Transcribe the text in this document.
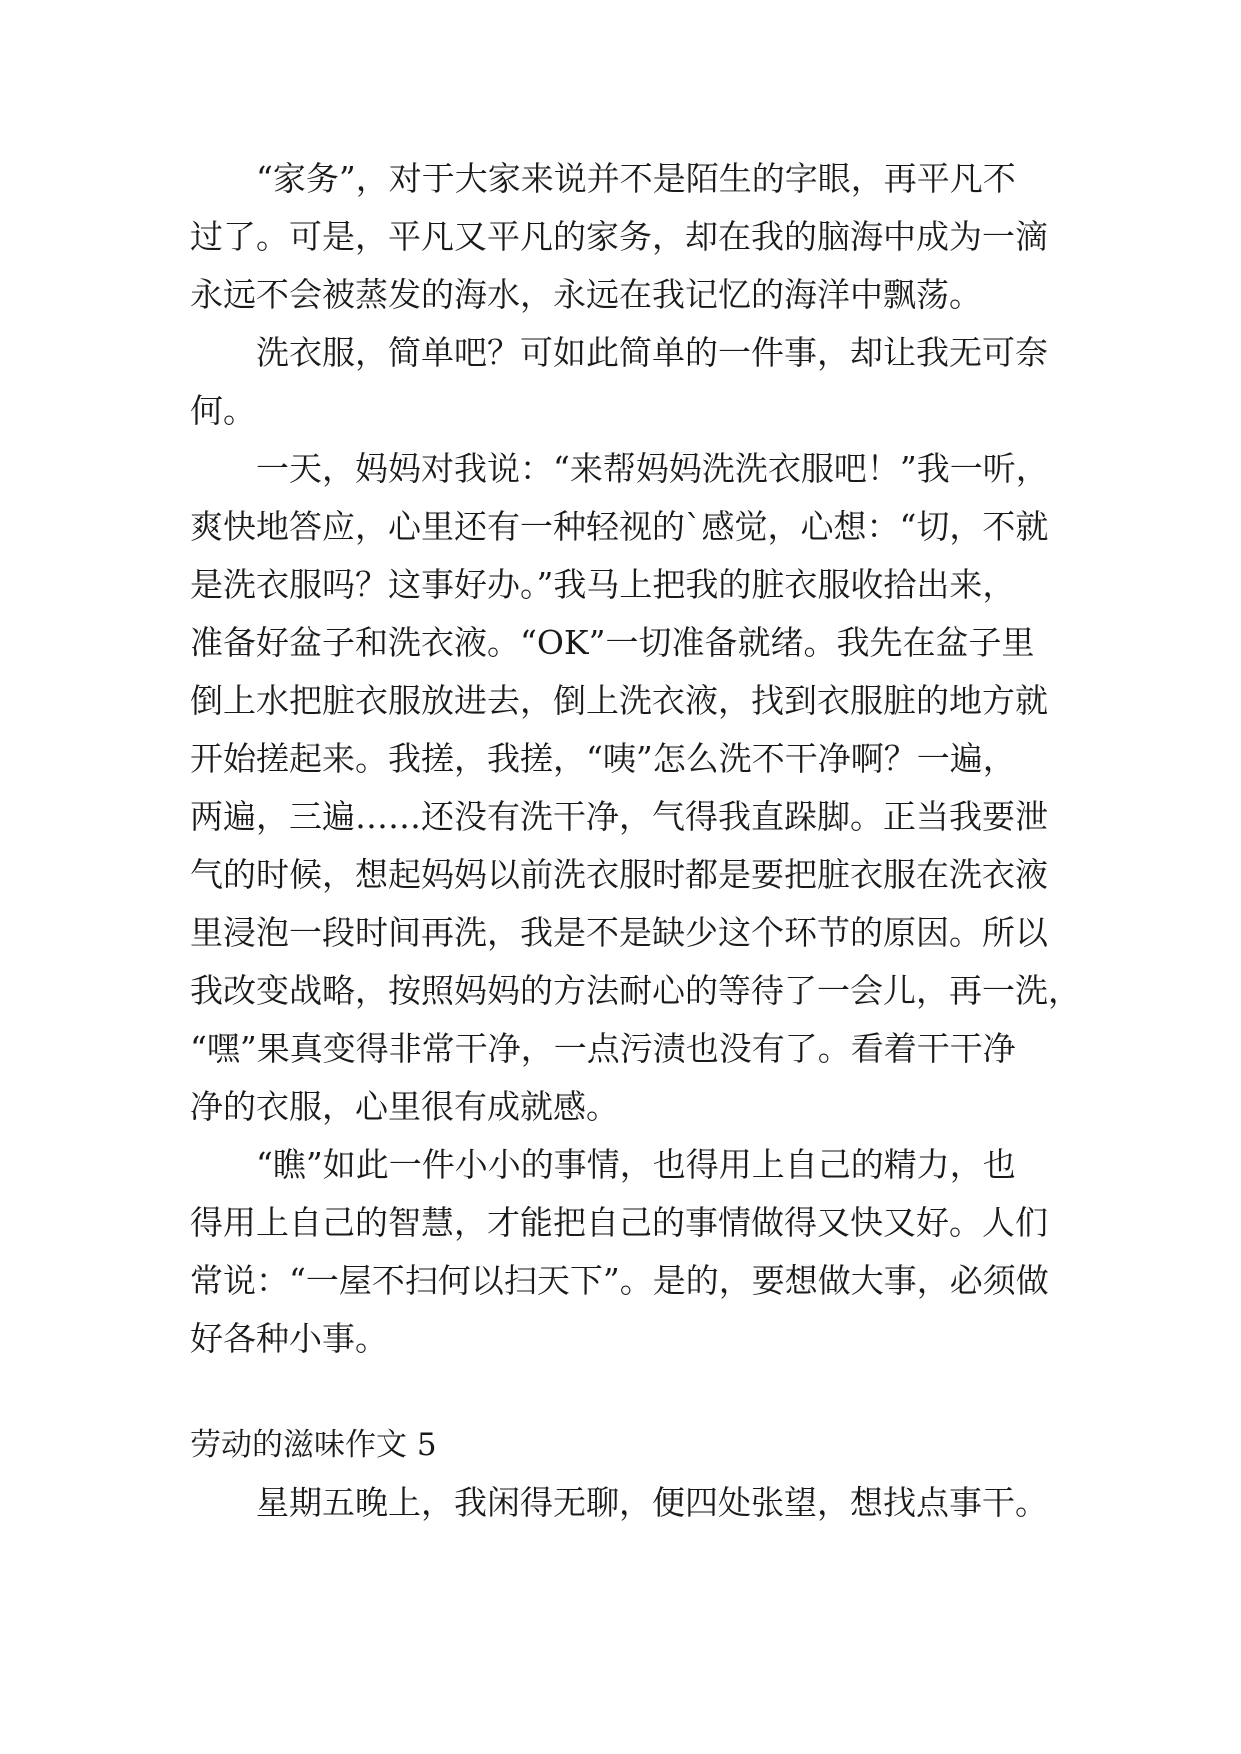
“家务”，对于大家来说并不是陌生的字眼，再平凡不
过了。可是，平凡又平凡的家务，却在我的脑海中成为一滴
永远不会被蒸发的海水，永远在我记忆的海洋中飘荡。
洗衣服，简单吧？可如此简单的一件事，却让我无可奈
何。
一天，妈妈对我说：“来帮妈妈洗洗衣服吧！”我一听，
爽快地答应，心里还有一种轻视的`感觉，心想：“切，不就
是洗衣服吗？这事好办。”我马上把我的脏衣服收拾出来，
准备好盆子和洗衣液。“OK”一切准备就绪。我先在盆子里
倒上水把脏衣服放进去，倒上洗衣液，找到衣服脏的地方就
开始搓起来。我搓，我搓，“咦”怎么洗不干净啊？一遍，
两遍，三遍……还没有洗干净，气得我直跺脚。正当我要泄
气的时候，想起妈妈以前洗衣服时都是要把脏衣服在洗衣液
里浸泡一段时间再洗，我是不是缺少这个环节的原因。所以
我改变战略，按照妈妈的方法耐心的等待了一会儿，再一洗，
“嘿”果真变得非常干净，一点污渍也没有了。看着干干净
净的衣服，心里很有成就感。
“瞧”如此一件小小的事情，也得用上自己的精力，也
得用上自己的智慧，才能把自己的事情做得又快又好。人们
常说：“一屋不扫何以扫天下”。是的，要想做大事，必须做
好各种小事。
劳动的滋味作文 5
星期五晚上，我闲得无聊，便四处张望，想找点事干。
